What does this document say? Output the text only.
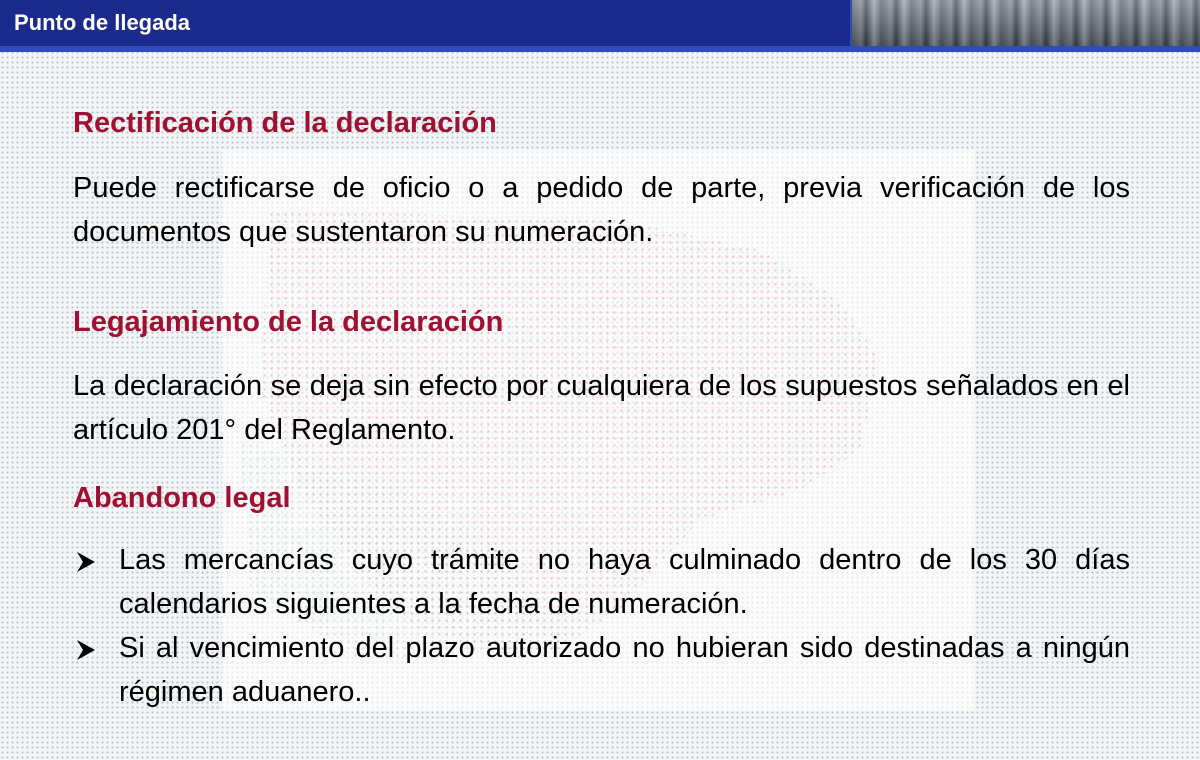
Punto de llegada
Rectificación de la declaración
Puede rectificarse de oficio o a pedido de parte, previa verificación de los documentos que sustentaron su numeración.
Legajamiento de la declaración
La declaración se deja sin efecto por cualquiera de los supuestos señalados en el artículo 201° del Reglamento.
Abandono legal
Las mercancías cuyo trámite no haya culminado dentro de los 30 días calendarios siguientes a la fecha de numeración.
Si al vencimiento del plazo autorizado no hubieran sido destinadas a ningún régimen aduanero..
